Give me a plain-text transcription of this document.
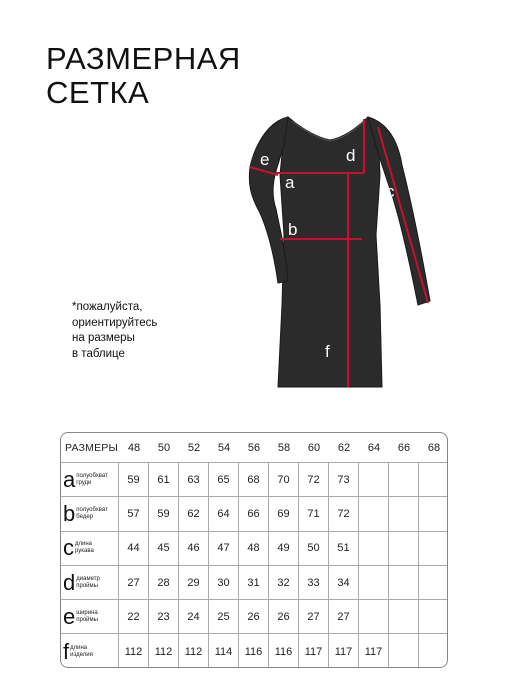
РАЗМЕРНАЯ
СЕТКА
e
a
b
d
c
f
*пожалуйста,
ориентируйтесь
на размеры
в таблице
РАЗМЕРЫ 48	50	52	54	56	58	60	62	64	66	68
a полуобхват
груди	59	61	63	65	68	70	72	73
b полуобхват
бедер	57	59	62	64	66	69	71	72
c длина
рукава	44	45	46	47	48	49	50	51
d диаметр
проймы	27	28	29	30	31	32	33	34
e ширина
проймы	22	23	24	25	26	26	27	27
f длина
изделия	112	112	112	114	116	116	117	117	117
